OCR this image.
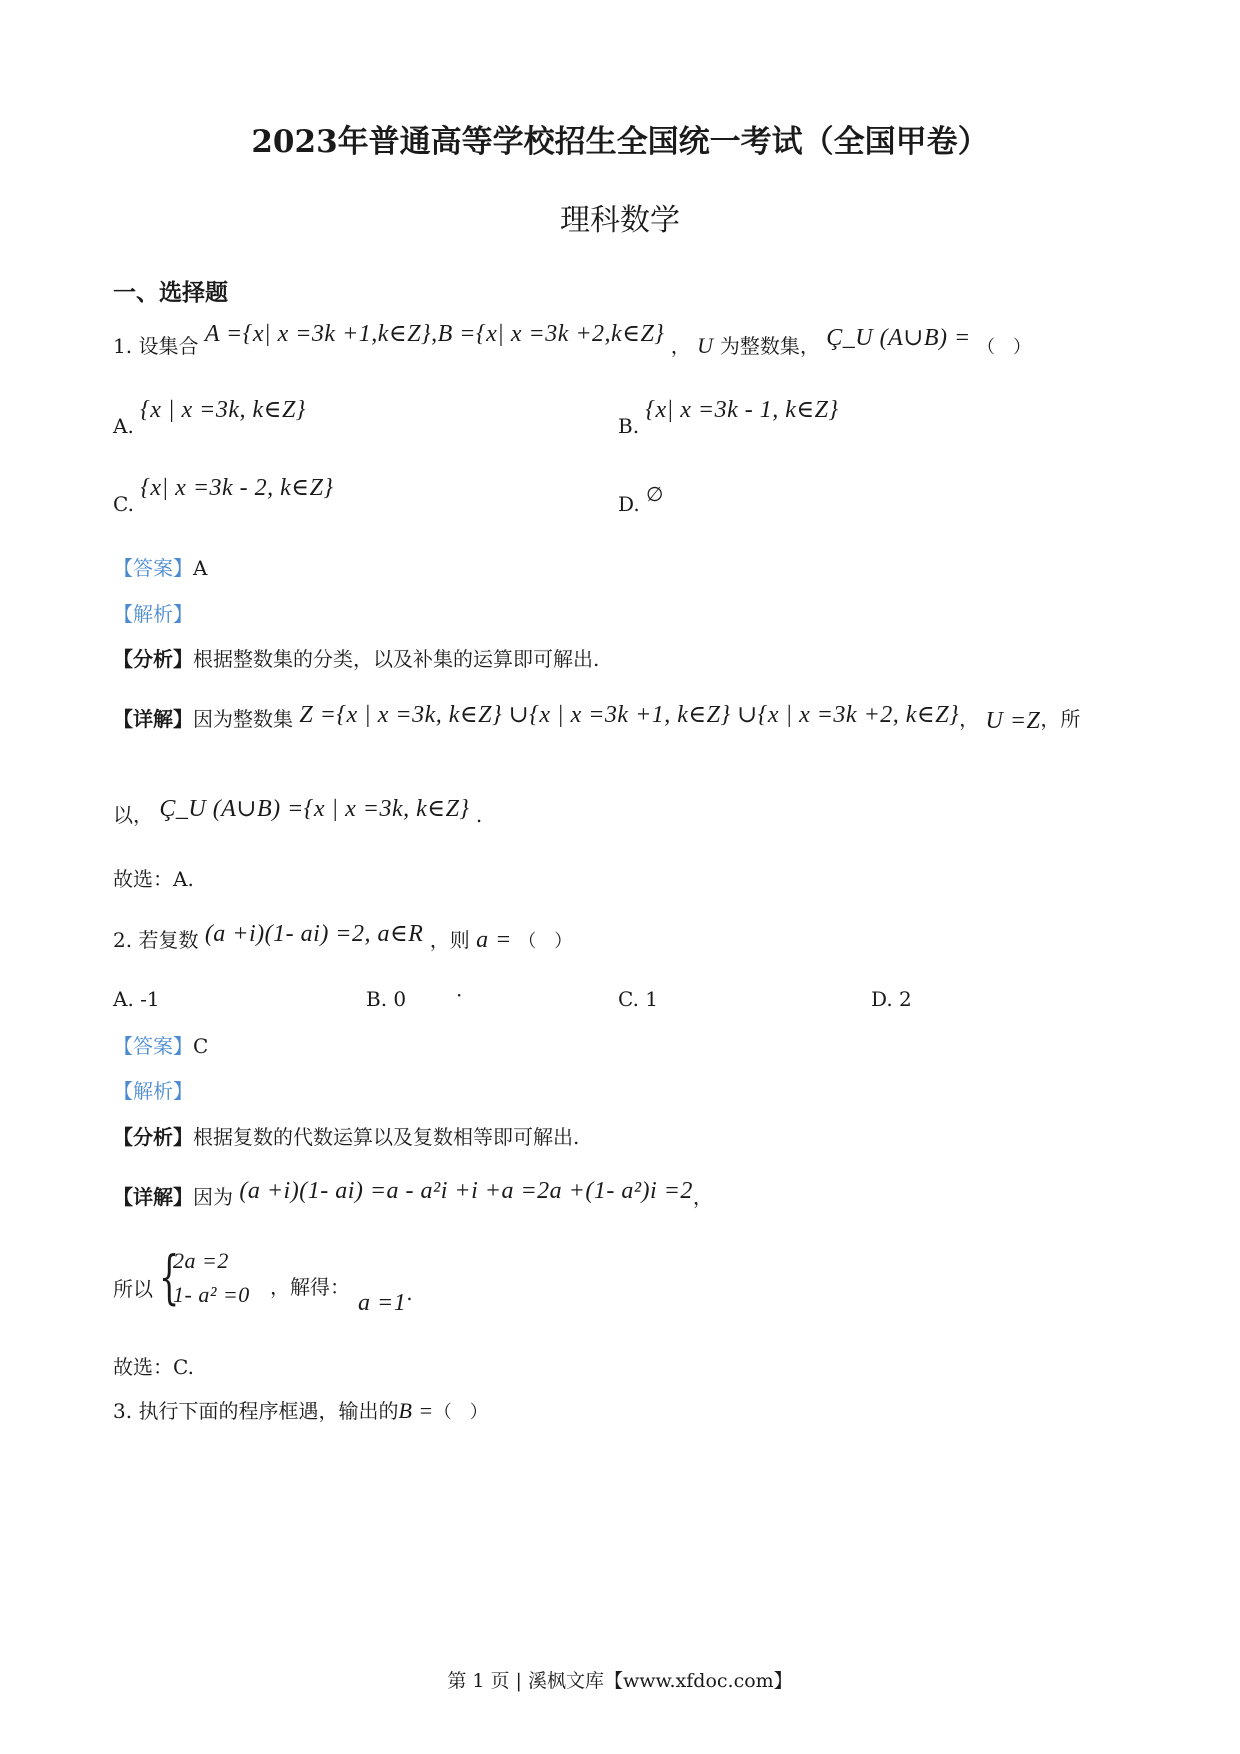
2023年普通高等学校招生全国统一考试（全国甲卷）
理科数学
一、选择题
1. 设集合 A ={x| x =3k +1,k∈Z},B ={x| x =3k +2,k∈Z} ， U 为整数集， Ç_U (A∪B) = （　）
A. {x | x =3k, k∈Z}
B. {x| x =3k - 1, k∈Z}
C. {x| x =3k - 2, k∈Z}
D. ∅
【答案】A
【解析】
【分析】根据整数集的分类，以及补集的运算即可解出.
【详解】因为整数集 Z ={x | x =3k, k∈Z} ∪{x | x =3k +1, k∈Z} ∪{x | x =3k +2, k∈Z}， U =Z，所
以， Ç_U (A∪B) ={x | x =3k, k∈Z} .
故选：A.
2. 若复数 (a +i)(1- ai) =2, a∈R ，则 a = （　）
A. -1	B. 0 ·	C. 1	D. 2
【答案】C
【解析】
【分析】根据复数的代数运算以及复数相等即可解出.
【详解】因为 (a +i)(1- ai) =a - a²i +i +a =2a +(1- a²)i =2，
所以 {
2a =2
1- a² =0 ，解得：
a =1.
故选：C.
3. 执行下面的程序框遇，输出的B =（　）
第 1 页 | 溪枫文库【www.xfdoc.com】
